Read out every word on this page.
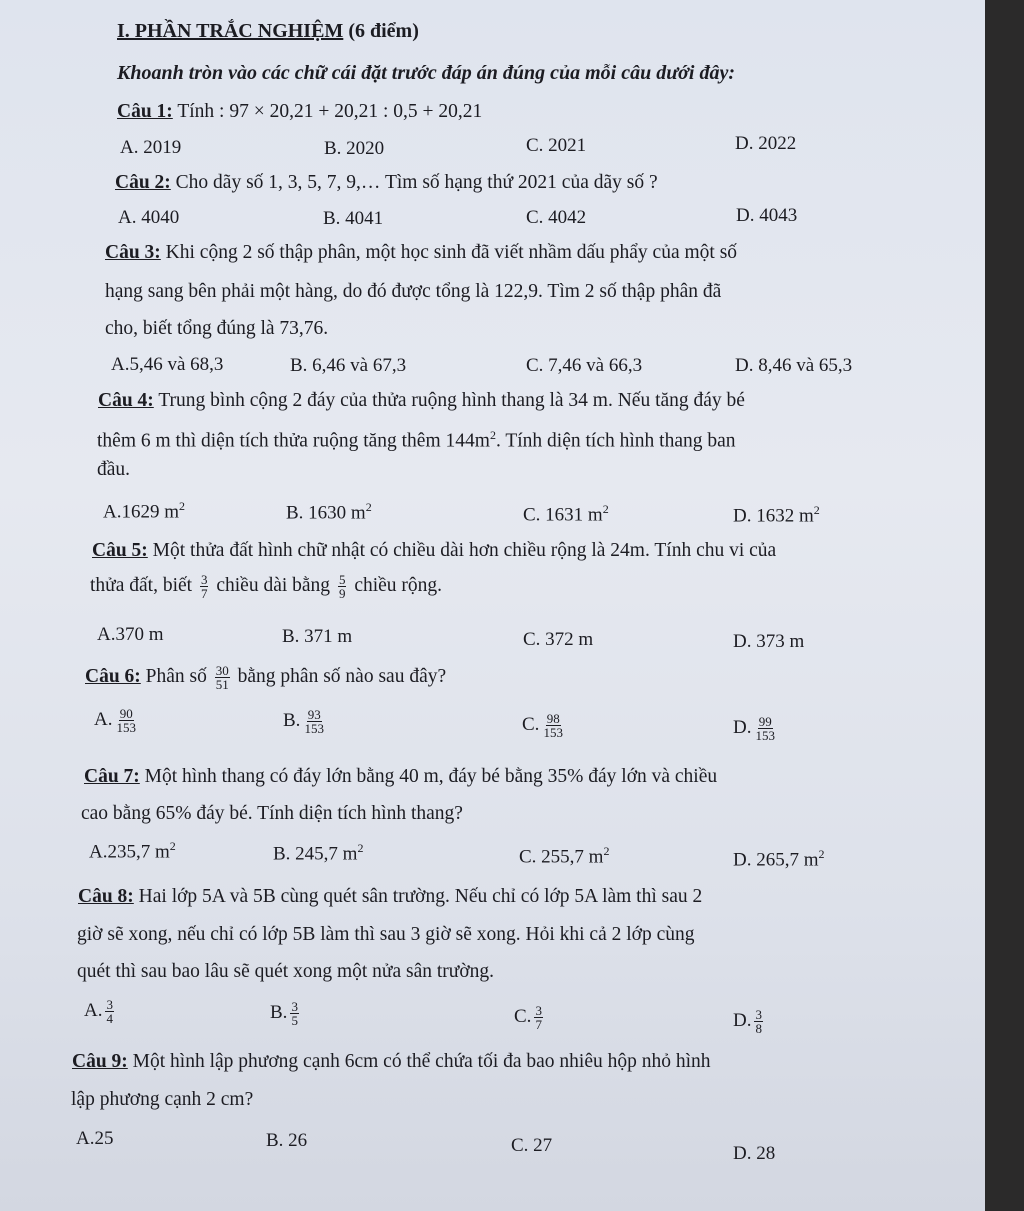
I. PHẦN TRẮC NGHIỆM (6 điểm)
Khoanh tròn vào các chữ cái đặt trước đáp án đúng của mỗi câu dưới đây:
Câu 1: Tính : 97 × 20,21 + 20,21 : 0,5 + 20,21
A. 2019	B. 2020	C. 2021	D. 2022
Câu 2: Cho dãy số 1, 3, 5, 7, 9,… Tìm số hạng thứ 2021 của dãy số ?
A. 4040	B. 4041	C. 4042	D. 4043
Câu 3: Khi cộng 2 số thập phân, một học sinh đã viết nhầm dấu phẩy của một số
hạng sang bên phải một hàng, do đó được tổng là 122,9. Tìm 2 số thập phân đã
cho, biết tổng đúng là 73,76.
A.5,46 và 68,3	B. 6,46 và 67,3	C. 7,46 và 66,3	D. 8,46 và 65,3
Câu 4: Trung bình cộng 2 đáy của thửa ruộng hình thang là 34 m. Nếu tăng đáy bé
thêm 6 m thì diện tích thửa ruộng tăng thêm $144m^2$. Tính diện tích hình thang ban
đầu.
A.1629 $m^2$	B. 1630 $m^2$	C. 1631 $m^2$	D. 1632 $m^2$
Câu 5: Một thửa đất hình chữ nhật có chiều dài hơn chiều rộng là 24m. Tính chu vi của
thửa đất, biết $\frac{3}{7}$ chiều dài bằng $\frac{5}{9}$ chiều rộng.
A.370 m	B. 371 m	C. 372 m	D. 373 m
Câu 6: Phân số $\frac{30}{51}$ bằng phân số nào sau đây?
A. $\frac{90}{153}$	B. $\frac{93}{153}$	C. $\frac{98}{153}$	D. $\frac{99}{153}$
Câu 7: Một hình thang có đáy lớn bằng 40 m, đáy bé bằng 35% đáy lớn và chiều
cao bằng 65% đáy bé. Tính diện tích hình thang?
A.235,7 $m^2$	B. 245,7 $m^2$	C. 255,7 $m^2$	D. 265,7 $m^2$
Câu 8: Hai lớp 5A và 5B cùng quét sân trường. Nếu chỉ có lớp 5A làm thì sau 2
giờ sẽ xong, nếu chỉ có lớp 5B làm thì sau 3 giờ sẽ xong. Hỏi khi cả 2 lớp cùng
quét thì sau bao lâu sẽ quét xong một nửa sân trường.
A. $\frac{3}{4}$	B. $\frac{3}{5}$	C. $\frac{3}{7}$	D. $\frac{3}{8}$
Câu 9: Một hình lập phương cạnh 6cm có thể chứa tối đa bao nhiêu hộp nhỏ hình
lập phương cạnh 2 cm?
A.25	B. 26	C. 27	D. 28
